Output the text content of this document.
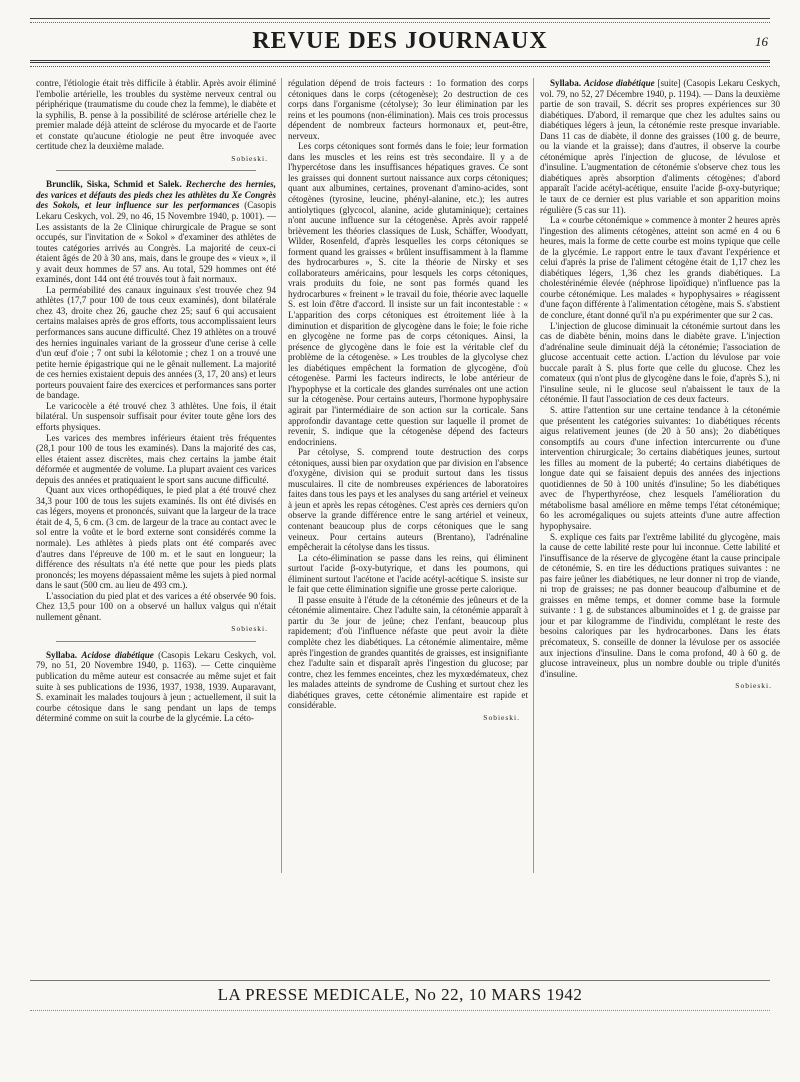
REVUE DES JOURNAUX	16

contre, l'étiologie était très difficile à établir. Après avoir éliminé l'embolie artérielle, les troubles du système nerveux central ou périphérique (traumatisme du coude chez la femme), le diabète et la syphilis, B. pense à la possibilité de sclérose artérielle chez le premier malade déjà atteint de sclérose du myocarde et de l'aorte et constate qu'aucune étiologie ne peut être invoquée avec certitude chez la deuxième malade.

Sobieski.

Brunclik, Siska, Schmid et Salek. Recherche des hernies, des varices et défauts des pieds chez les athlètes du Xe Congrès des Sokols, et leur influence sur les performances (Casopis Lekaru Ceskych, vol. 29, no 46, 15 Novembre 1940, p. 1001). — Les assistants de la 2e Clinique chirurgicale de Prague se sont occupés, sur l'invitation de « Sokol » d'examiner des athlètes de toutes catégories arrivés au Congrès. La majorité de ceux-ci étaient âgés de 20 à 30 ans, mais, dans le groupe des « vieux », il y avait deux hommes de 57 ans. Au total, 529 hommes ont été examinés, dont 144 ont été trouvés tout à fait normaux.

La perméabilité des canaux inguinaux s'est trouvée chez 94 athlètes (17,7 pour 100 de tous ceux examinés), dont bilatérale chez 43, droite chez 26, gauche chez 25; sauf 6 qui accusaient certains malaises après de gros efforts, tous accomplissaient leurs performances sans aucune difficulté. Chez 19 athlètes on a trouvé des hernies inguinales variant de la grosseur d'une cerise à celle d'un œuf d'oie ; 7 ont subi la kélotomie ; chez 1 on a trouvé une petite hernie épigastrique qui ne le gênait nullement. La majorité de ces hernies existaient depuis des années (3, 17, 20 ans) et leurs porteurs pouvaient faire des exercices et performances sans porter de bandage.

Le varicocèle a été trouvé chez 3 athlètes. Une fois, il était bilatéral. Un suspensoir suffisait pour éviter toute gêne lors des efforts physiques.

Les varices des membres inférieurs étaient très fréquentes (28,1 pour 100 de tous les examinés). Dans la majorité des cas, elles étaient assez discrètes, mais chez certains la jambe était déformée et augmentée de volume. La plupart avaient ces varices depuis des années et pratiquaient le sport sans aucune difficulté.

Quant aux vices orthopédiques, le pied plat a été trouvé chez 34,3 pour 100 de tous les sujets examinés. Ils ont été divisés en cas légers, moyens et prononcés, suivant que la largeur de la trace était de 4, 5, 6 cm. (3 cm. de largeur de la trace au contact avec le sol entre la voûte et le bord externe sont considérés comme la normale). Les athlètes à pieds plats ont été comparés avec d'autres dans l'épreuve de 100 m. et le saut en longueur; la différence des résultats n'a été nette que pour les pieds plats prononcés; les moyens dépassaient même les sujets à pied normal dans le saut (500 cm. au lieu de 493 cm.).

L'association du pied plat et des varices a été observée 90 fois. Chez 13,5 pour 100 on a observé un hallux valgus qui n'était nullement gênant.

Sobieski.

Syllaba. Acidose diabétique (Casopis Lekaru Ceskych, vol. 79, no 51, 20 Novembre 1940, p. 1163). — Cette cinquième publication du même auteur est consacrée au même sujet et fait suite à ses publications de 1936, 1937, 1938, 1939. Auparavant, S. examinait les malades toujours à jeun ; actuellement, il suit la courbe cétosique dans le sang pendant un laps de temps déterminé comme on suit la courbe de la glycémie. La céto-

régulation dépend de trois facteurs : 1o formation des corps cétoniques dans le corps (cétogenèse); 2o destruction de ces corps dans l'organisme (cétolyse); 3o leur élimination par les reins et les poumons (non-élimination). Mais ces trois processus dépendent de nombreux facteurs hormonaux et, peut-être, nerveux.

Les corps cétoniques sont formés dans le foie; leur formation dans les muscles et les reins est très secondaire. Il y a de l'hypercétose dans les insuffisances hépatiques graves. Ce sont les graisses qui donnent surtout naissance aux corps cétoniques; quant aux albumines, certaines, provenant d'amino-acides, sont cétogènes (tyrosine, leucine, phényl-alanine, etc.); les autres antiolytiques (glycocol, alanine, acide glutaminique); certaines n'ont aucune influence sur la cétogenèse. Après avoir rappelé brièvement les théories classiques de Lusk, Schäffer, Woodyatt, Wilder, Rosenfeld, d'après lesquelles les corps cétoniques se forment quand les graisses « brûlent insuffisamment à la flamme des hydrocarbures », S. cite la théorie de Nirsky et ses collaborateurs américains, pour lesquels les corps cétoniques, vrais produits du foie, ne sont pas formés quand les hydrocarbures « freinent » le travail du foie, théorie avec laquelle S. est loin d'être d'accord. Il insiste sur un fait incontestable : « L'apparition des corps cétoniques est étroitement liée à la diminution et disparition de glycogène dans le foie; le foie riche en glycogène ne forme pas de corps cétoniques. Ainsi, la présence de glycogène dans le foie est la véritable clef du problème de la cétogenèse. » Les troubles de la glycolyse chez les diabétiques empêchent la formation de glycogène, d'où cétogenèse. Parmi les facteurs indirects, le lobe antérieur de l'hypophyse et la corticale des glandes surrénales ont une action sur la cétogenèse. Pour certains auteurs, l'hormone hypophysaire agirait par l'intermédiaire de son action sur la corticale. Sans approfondir davantage cette question sur laquelle il promet de revenir, S. indique que la cétogenèse dépend des facteurs endocriniens.

Par cétolyse, S. comprend toute destruction des corps cétoniques, aussi bien par oxydation que par division en l'absence d'oxygène, division qui se produit surtout dans les tissus musculaires. Il cite de nombreuses expériences de laboratoires faites dans tous les pays et les analyses du sang artériel et veineux à jeun et après les repas cétogènes. C'est après ces derniers qu'on observe la grande différence entre le sang artériel et veineux, contenant beaucoup plus de corps cétoniques que le sang veineux. Pour certains auteurs (Brentano), l'adrénaline empêcherait la cétolyse dans les tissus.

La céto-élimination se passe dans les reins, qui éliminent surtout l'acide β-oxy-butyrique, et dans les poumons, qui éliminent surtout l'acétone et l'acide acétyl-acétique S. insiste sur le fait que cette élimination signifie une grosse perte calorique.

Il passe ensuite à l'étude de la cétonémie des jeûneurs et de la cétonémie alimentaire. Chez l'adulte sain, la cétonémie apparaît à partir du 3e jour de jeûne; chez l'enfant, beaucoup plus rapidement; d'où l'influence néfaste que peut avoir la diète complète chez les diabétiques. La cétonémie alimentaire, même après l'ingestion de grandes quantités de graisses, est insignifiante chez l'adulte sain et disparaît après l'ingestion du glucose; par contre, chez les femmes enceintes, chez les myxœdémateux, chez les malades atteints de syndrome de Cushing et surtout chez les diabétiques graves, cette cétonémie alimentaire est rapide et considérable.

Sobieski.

Syllaba. Acidose diabétique [suite] (Casopis Lekaru Ceskych, vol. 79, no 52, 27 Décembre 1940, p. 1194). — Dans la deuxième partie de son travail, S. décrit ses propres expériences sur 30 diabétiques. D'abord, il remarque que chez les adultes sains ou diabétiques légers à jeun, la cétonémie reste presque invariable. Dans 11 cas de diabète, il donne des graisses (100 g. de beurre, ou la viande et la graisse); dans d'autres, il observe la courbe cétonémique après l'injection de glucose, de lévulose et d'insuline. L'augmentation de cétonémie s'observe chez tous les diabétiques après absorption d'aliments cétogènes; d'abord apparaît l'acide acétyl-acétique, ensuite l'acide β-oxy-butyrique; le taux de ce dernier est plus variable et son apparition moins régulière (5 cas sur 11).

La « courbe cétonémique » commence à monter 2 heures après l'ingestion des aliments cétogènes, atteint son acmé en 4 ou 6 heures, mais la forme de cette courbe est moins typique que celle de la glycémie. Le rapport entre le taux d'avant l'expérience et celui d'après la prise de l'aliment cétogène était de 1,17 chez les diabétiques légers, 1,36 chez les grands diabétiques. La cholestérinémie élevée (néphrose lipoïdique) n'influence pas la courbe cétonémique. Les malades « hypophysaires » réagissent d'une façon différente à l'alimentation cétogène, mais S. s'abstient de conclure, étant donné qu'il n'a pu expérimenter que sur 2 cas.

L'injection de glucose diminuait la cétonémie surtout dans les cas de diabète bénin, moins dans le diabète grave. L'injection d'adrénaline seule diminuait déjà la cétonémie; l'association de glucose accentuait cette action. L'action du lévulose par voie buccale paraît à S. plus forte que celle du glucose. Chez les comateux (qui n'ont plus de glycogène dans le foie, d'après S.), ni l'insuline seule, ni le glucose seul n'abaissent le taux de la cétonémie. Il faut l'association de ces deux facteurs.

S. attire l'attention sur une certaine tendance à la cétonémie que présentent les catégories suivantes: 1o diabétiques récents aigus relativement jeunes (de 20 à 50 ans); 2o diabétiques consomptifs au cours d'une infection intercurrente ou d'une intervention chirurgicale; 3o certains diabétiques jeunes, surtout les filles au moment de la puberté; 4o certains diabétiques de longue date qui se faisaient depuis des années des injections quotidiennes de 50 à 100 unités d'insuline; 5o les diabétiques avec de l'hyperthyréose, chez lesquels l'amélioration du métabolisme basal améliore en même temps l'état cétonémique; 6o les acromégaliques ou sujets atteints d'une autre affection hypophysaire.

S. explique ces faits par l'extrême labilité du glycogène, mais la cause de cette labilité reste pour lui inconnue. Cette labilité et l'insuffisance de la réserve de glycogène étant la cause principale de cétonémie, S. en tire les déductions pratiques suivantes : ne pas faire jeûner les diabétiques, ne leur donner ni trop de viande, ni trop de graisses; ne pas donner beaucoup d'albumine et de graisses en même temps, et donner comme base la formule suivante : 1 g. de substances albuminoïdes et 1 g. de graisse par jour et par kilogramme de l'individu, complétant le reste des besoins caloriques par les hydrocarbones. Dans les états précomateux, S. conseille de donner la lévulose per os associée aux injections d'insuline. Dans le coma profond, 40 à 60 g. de glucose intraveineux, plus un nombre double ou triple d'unités d'insuline.

Sobieski.
LA PRESSE MEDICALE, No 22, 10 MARS 1942
